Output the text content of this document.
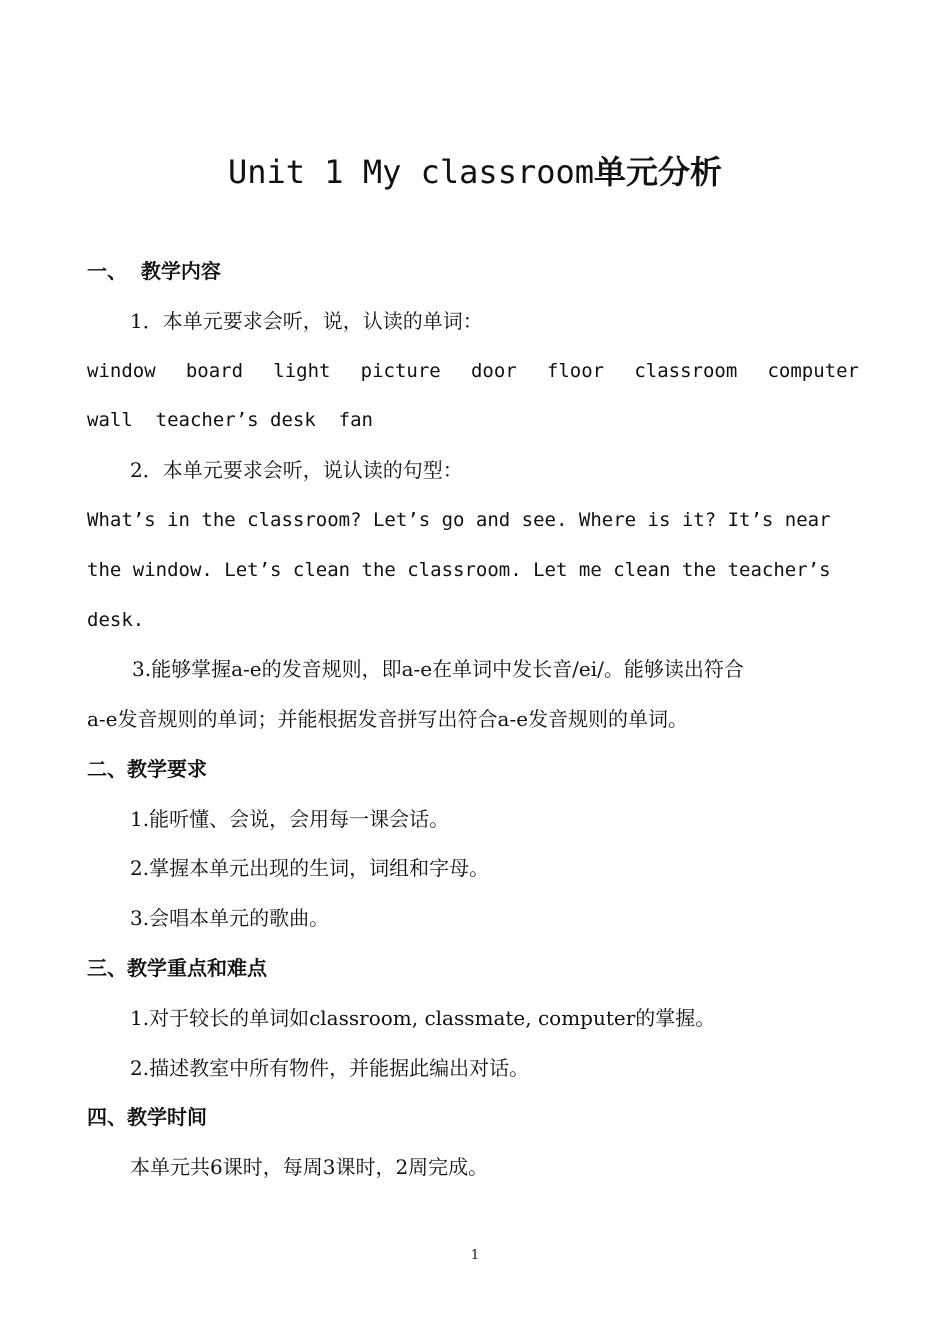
Unit 1 My classroom单元分析
一、  教学内容
1．本单元要求会听，说，认读的单词：
window board light picture door floor classroom computer
wall  teacher’s desk  fan
2．本单元要求会听，说认读的句型：
What’s in the classroom? Let’s go and see. Where is it? It’s near
the window. Let’s clean the classroom. Let me clean the teacher’s
desk.
3.能够掌握a-e的发音规则，即a-e在单词中发长音/ei/。能够读出符合
a-e发音规则的单词；并能根据发音拼写出符合a-e发音规则的单词。
二、教学要求
1.能听懂、会说，会用每一课会话。
2.掌握本单元出现的生词，词组和字母。
3.会唱本单元的歌曲。
三、教学重点和难点
1.对于较长的单词如classroom, classmate, computer的掌握。
2.描述教室中所有物件，并能据此编出对话。
四、教学时间
本单元共6课时，每周3课时，2周完成。
1
